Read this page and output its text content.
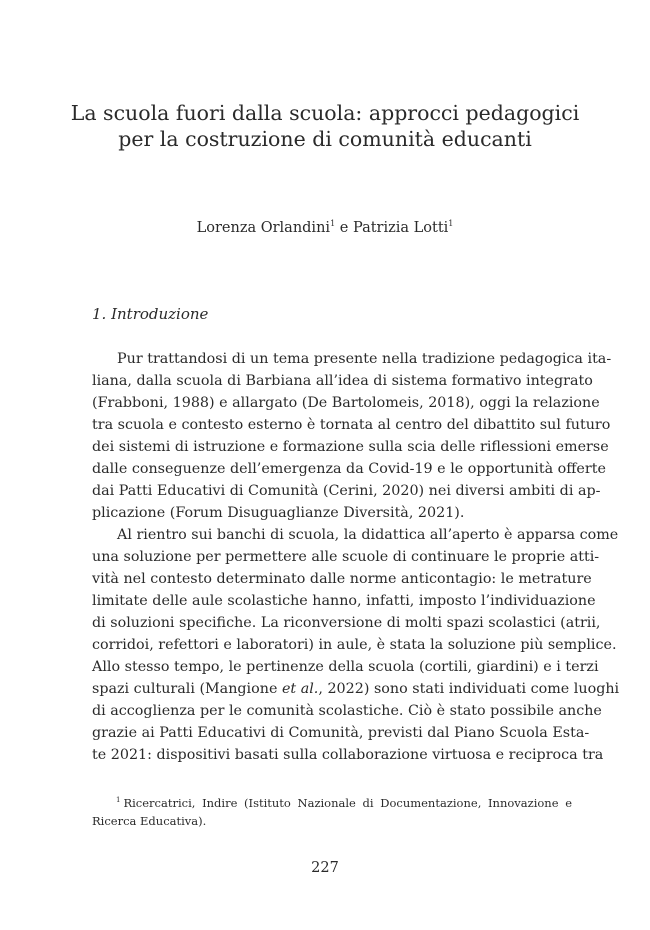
La scuola fuori dalla scuola: approcci pedagogici
per la costruzione di comunità educanti
Lorenza Orlandini$^1$ e Patrizia Lotti$^1$
1. Introduzione
Pur trattandosi di un tema presente nella tradizione pedagogica ita-
liana, dalla scuola di Barbiana all’idea di sistema formativo integrato
(Frabboni, 1988) e allargato (De Bartolomeis, 2018), oggi la relazione
tra scuola e contesto esterno è tornata al centro del dibattito sul futuro
dei sistemi di istruzione e formazione sulla scia delle riflessioni emerse
dalle conseguenze dell’emergenza da Covid-19 e le opportunità offerte
dai Patti Educativi di Comunità (Cerini, 2020) nei diversi ambiti di ap-
plicazione (Forum Disuguaglianze Diversità, 2021).
Al rientro sui banchi di scuola, la didattica all’aperto è apparsa come
una soluzione per permettere alle scuole di continuare le proprie atti-
vità nel contesto determinato dalle norme anticontagio: le metrature
limitate delle aule scolastiche hanno, infatti, imposto l’individuazione
di soluzioni specifiche. La riconversione di molti spazi scolastici (atrii,
corridoi, refettori e laboratori) in aule, è stata la soluzione più semplice.
Allo stesso tempo, le pertinenze della scuola (cortili, giardini) e i terzi
spazi culturali (Mangione et al., 2022) sono stati individuati come luoghi
di accoglienza per le comunità scolastiche. Ciò è stato possibile anche
grazie ai Patti Educativi di Comunità, previsti dal Piano Scuola Esta-
te 2021: dispositivi basati sulla collaborazione virtuosa e reciproca tra
$^1$ Ricercatrici, Indire (Istituto Nazionale di Documentazione, Innovazione e
Ricerca Educativa).
227
